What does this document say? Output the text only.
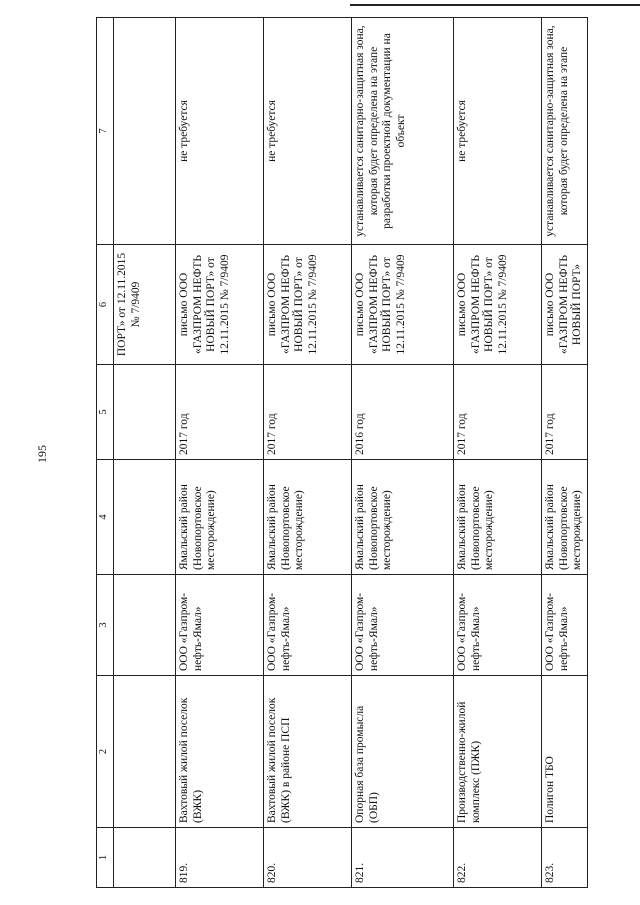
195
1	2	3	4	5	6	7
					ПОРТ» от 12.11.2015 № 7/9409	
819.	Вахтовый жилой поселок (ВЖК)	ООО «Газпром-нефть-Ямал»	Ямальский район (Новопортовское месторождение)	2017 год	письмо ООО «ГАЗПРОМ НЕФТЬ НОВЫЙ ПОРТ» от 12.11.2015 № 7/9409	не требуется
820.	Вахтовый жилой поселок (ВЖК) в районе ПСП	ООО «Газпром-нефть-Ямал»	Ямальский район (Новопортовское месторождение)	2017 год	письмо ООО «ГАЗПРОМ НЕФТЬ НОВЫЙ ПОРТ» от 12.11.2015 № 7/9409	не требуется
821.	Опорная база промысла (ОБП)	ООО «Газпром-нефть-Ямал»	Ямальский район (Новопортовское месторождение)	2016 год	письмо ООО «ГАЗПРОМ НЕФТЬ НОВЫЙ ПОРТ» от 12.11.2015 № 7/9409	устанавливается санитарно-защитная зона, которая будет определена на этапе разработки проектной документации на объект
822.	Производственно-жилой комплекс (ПЖК)	ООО «Газпром-нефть-Ямал»	Ямальский район (Новопортовское месторождение)	2017 год	письмо ООО «ГАЗПРОМ НЕФТЬ НОВЫЙ ПОРТ» от 12.11.2015 № 7/9409	не требуется
823.	Полигон ТБО	ООО «Газпром-нефть-Ямал»	Ямальский район (Новопортовское месторождение)	2017 год	письмо ООО «ГАЗПРОМ НЕФТЬ НОВЫЙ ПОРТ»	устанавливается санитарно-защитная зона, которая будет определена на этапе
